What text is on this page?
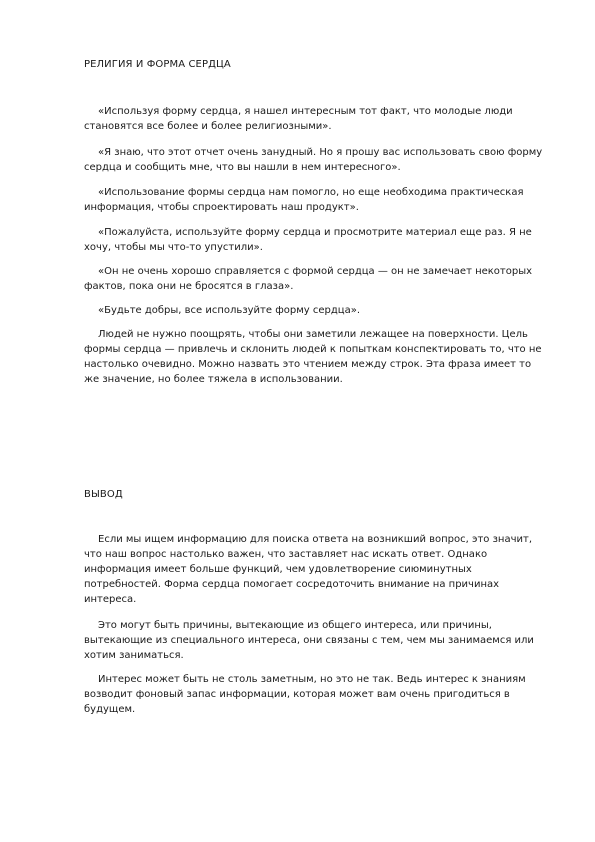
РЕЛИГИЯ И ФОРМА СЕРДЦА

«Используя форму сердца, я нашел интересным тот факт, что молодые люди становятся все более и более религиозными».

«Я знаю, что этот отчет очень занудный. Но я прошу вас использовать свою форму сердца и сообщить мне, что вы нашли в нем интересного».

«Использование формы сердца нам помогло, но еще необходима практическая информация, чтобы спроектировать наш продукт».

«Пожалуйста, используйте форму сердца и просмотрите материал еще раз. Я не хочу, чтобы мы что-то упустили».

«Он не очень хорошо справляется с формой сердца — он не замечает некоторых фактов, пока они не бросятся в глаза».

«Будьте добры, все используйте форму сердца».

Людей не нужно поощрять, чтобы они заметили лежащее на поверхности. Цель формы сердца — привлечь и склонить людей к попыткам конспектировать то, что не настолько очевидно. Можно назвать это чтением между строк. Эта фраза имеет то же значение, но более тяжела в использовании.

ВЫВОД

Если мы ищем информацию для поиска ответа на возникший вопрос, это значит, что наш вопрос настолько важен, что заставляет нас искать ответ. Однако информация имеет больше функций, чем удовлетворение сиюминутных потребностей. Форма сердца помогает сосредоточить внимание на причинах интереса.

Это могут быть причины, вытекающие из общего интереса, или причины, вытекающие из специального интереса, они связаны с тем, чем мы занимаемся или хотим заниматься.

Интерес может быть не столь заметным, но это не так. Ведь интерес к знаниям возводит фоновый запас информации, которая может вам очень пригодиться в будущем.
